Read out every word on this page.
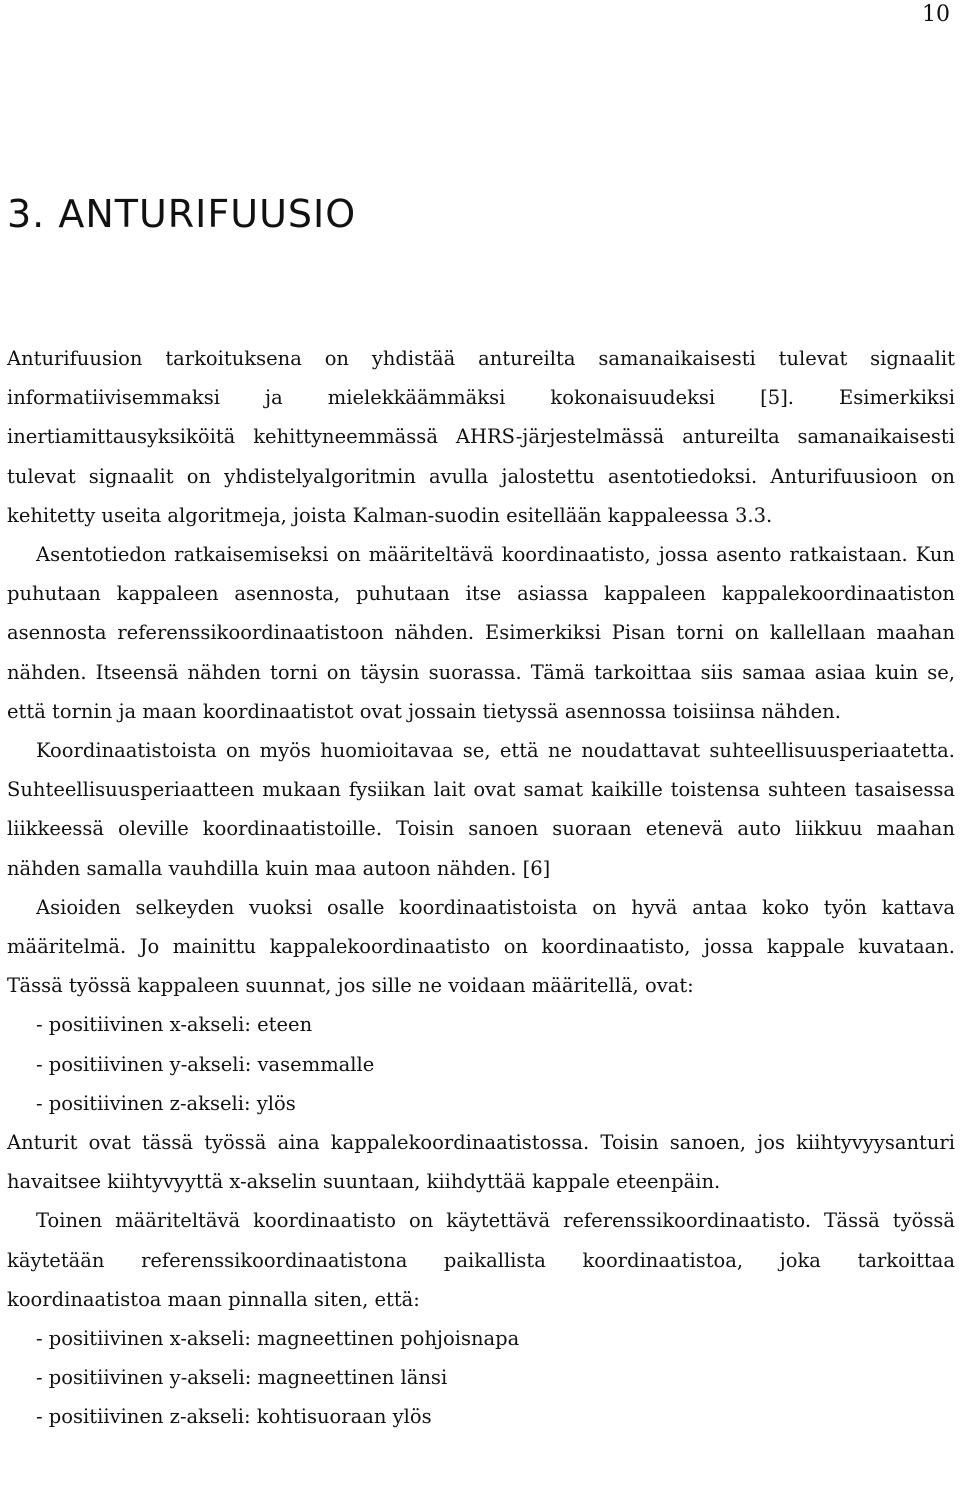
10
3. ANTURIFUUSIO

Anturifuusion tarkoituksena on yhdistää antureilta samanaikaisesti tulevat signaalit informatiivisemmaksi ja mielekkäämmäksi kokonaisuudeksi [5]. Esimerkiksi inertiamittausyksiköitä kehittyneemmässä AHRS-järjestelmässä antureilta samanaikaisesti tulevat signaalit on yhdistelyalgoritmin avulla jalostettu asentotiedoksi. Anturifuusioon on kehitetty useita algoritmeja, joista Kalman-suodin esitellään kappaleessa 3.3.

Asentotiedon ratkaisemiseksi on määriteltävä koordinaatisto, jossa asento ratkaistaan. Kun puhutaan kappaleen asennosta, puhutaan itse asiassa kappaleen kappalekoordinaatiston asennosta referenssikoordinaatistoon nähden. Esimerkiksi Pisan torni on kallellaan maahan nähden. Itseensä nähden torni on täysin suorassa. Tämä tarkoittaa siis samaa asiaa kuin se, että tornin ja maan koordinaatistot ovat jossain tietyssä asennossa toisiinsa nähden.

Koordinaatistoista on myös huomioitavaa se, että ne noudattavat suhteellisuusperiaatetta. Suhteellisuusperiaatteen mukaan fysiikan lait ovat samat kaikille toistensa suhteen tasaisessa liikkeessä oleville koordinaatistoille. Toisin sanoen suoraan etenevä auto liikkuu maahan nähden samalla vauhdilla kuin maa autoon nähden. [6]

Asioiden selkeyden vuoksi osalle koordinaatistoista on hyvä antaa koko työn kattava määritelmä. Jo mainittu kappalekoordinaatisto on koordinaatisto, jossa kappale kuvataan. Tässä työssä kappaleen suunnat, jos sille ne voidaan määritellä, ovat:

- positiivinen x-akseli: eteen
- positiivinen y-akseli: vasemmalle
- positiivinen z-akseli: ylös

Anturit ovat tässä työssä aina kappalekoordinaatistossa. Toisin sanoen, jos kiihtyvyysanturi havaitsee kiihtyvyyttä x-akselin suuntaan, kiihdyttää kappale eteenpäin.

Toinen määriteltävä koordinaatisto on käytettävä referenssikoordinaatisto. Tässä työssä käytetään referenssikoordinaatistona paikallista koordinaatistoa, joka tarkoittaa koordinaatistoa maan pinnalla siten, että:

- positiivinen x-akseli: magneettinen pohjoisnapa
- positiivinen y-akseli: magneettinen länsi
- positiivinen z-akseli: kohtisuoraan ylös
